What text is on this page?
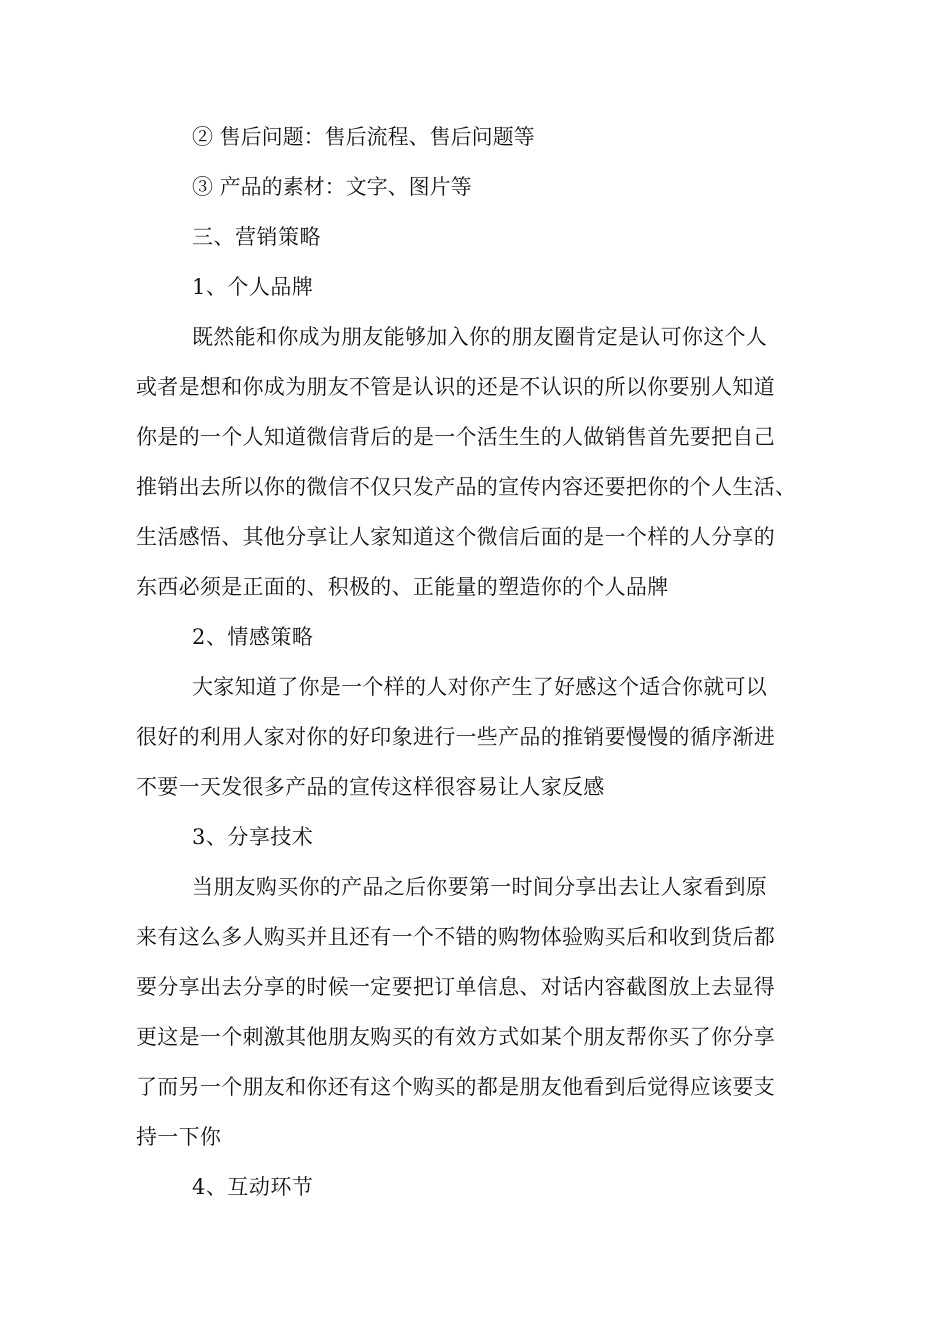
② 售后问题：售后流程、售后问题等
③ 产品的素材：文字、图片等
三、营销策略
1、个人品牌
既然能和你成为朋友能够加入你的朋友圈肯定是认可你这个人
或者是想和你成为朋友不管是认识的还是不认识的所以你要别人知道
你是的一个人知道微信背后的是一个活生生的人做销售首先要把自己
推销出去所以你的微信不仅只发产品的宣传内容还要把你的个人生活、
生活感悟、其他分享让人家知道这个微信后面的是一个样的人分享的
东西必须是正面的、积极的、正能量的塑造你的个人品牌
2、情感策略
大家知道了你是一个样的人对你产生了好感这个适合你就可以
很好的利用人家对你的好印象进行一些产品的推销要慢慢的循序渐进
不要一天发很多产品的宣传这样很容易让人家反感
3、分享技术
当朋友购买你的产品之后你要第一时间分享出去让人家看到原
来有这么多人购买并且还有一个不错的购物体验购买后和收到货后都
要分享出去分享的时候一定要把订单信息、对话内容截图放上去显得
更这是一个刺激其他朋友购买的有效方式如某个朋友帮你买了你分享
了而另一个朋友和你还有这个购买的都是朋友他看到后觉得应该要支
持一下你
4、互动环节
